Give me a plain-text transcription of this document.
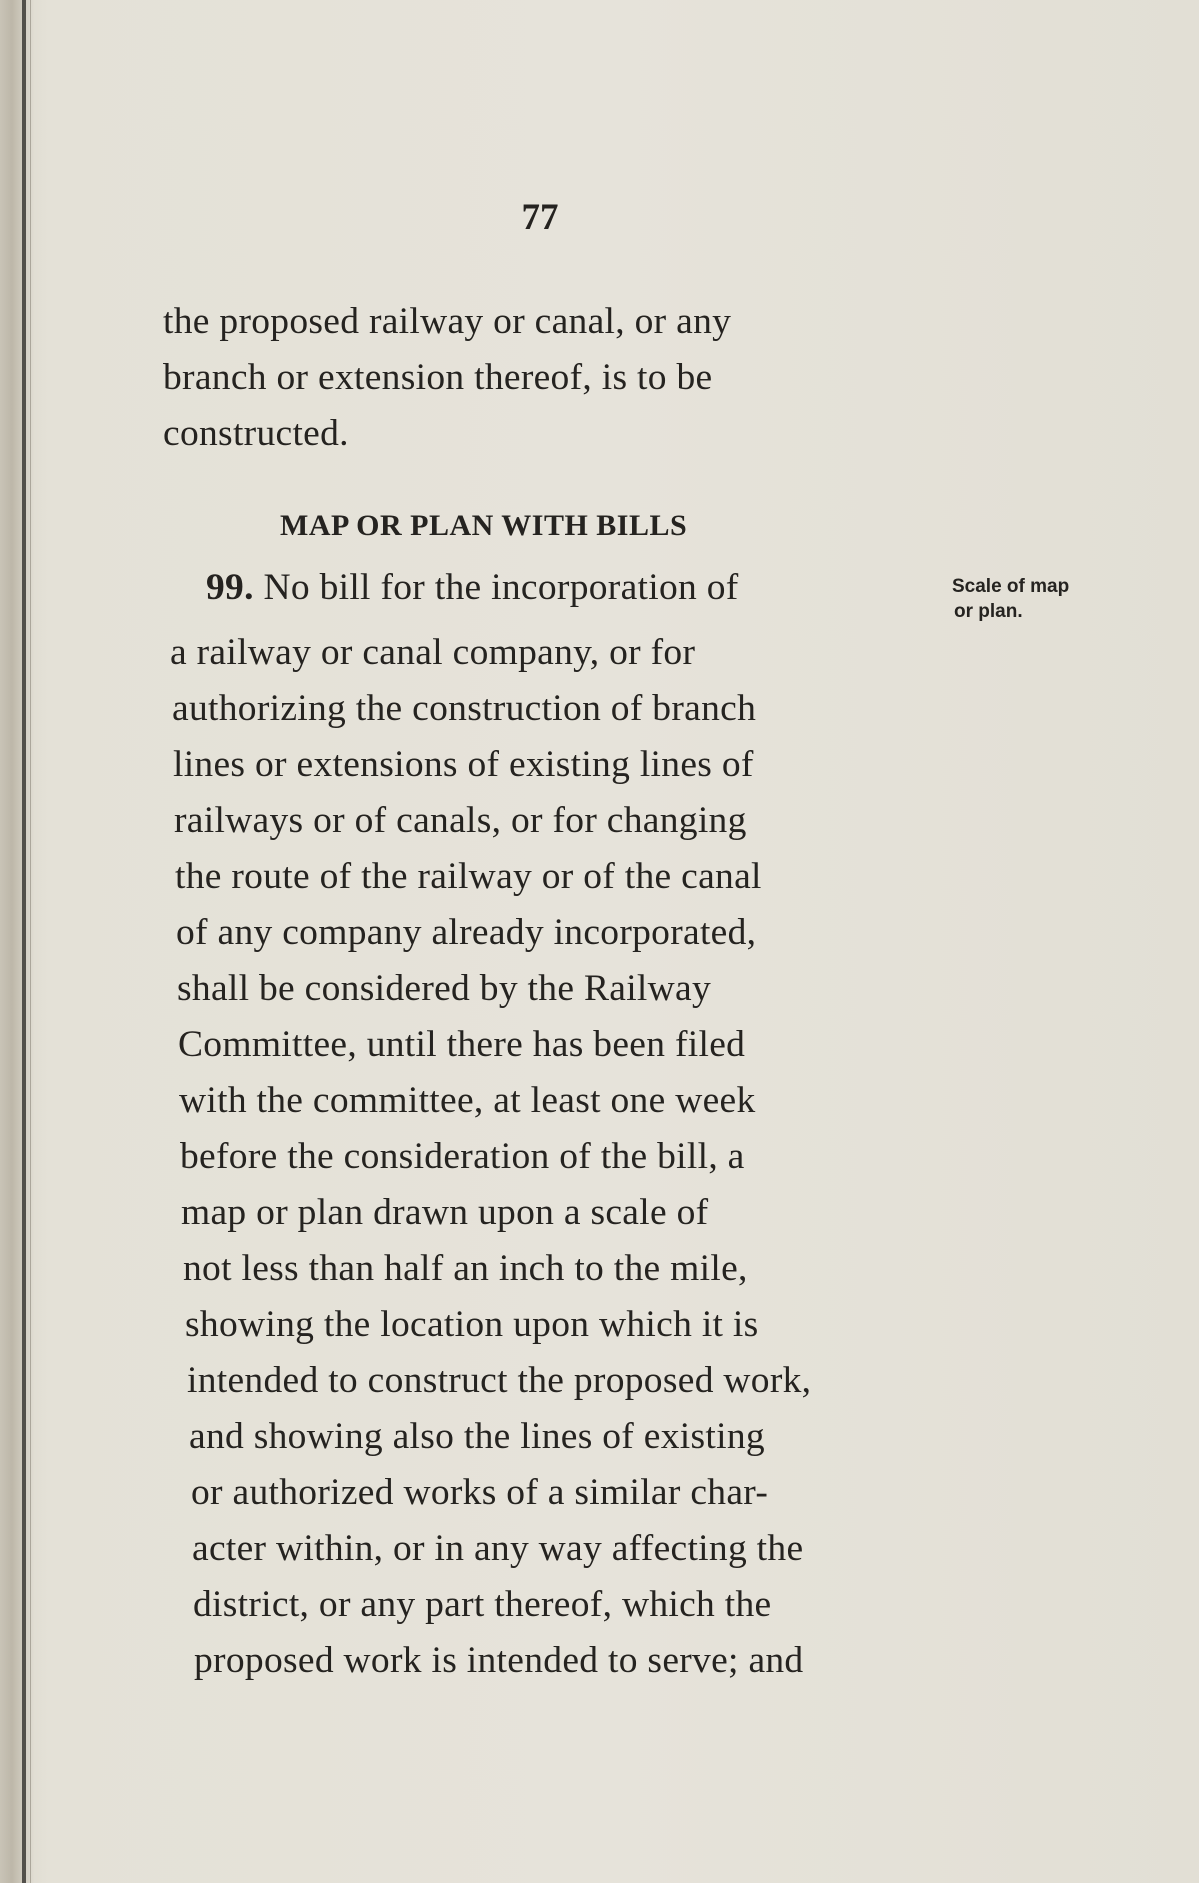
77
the proposed railway or canal, or any
branch or extension thereof, is to be
constructed.
MAP OR PLAN WITH BILLS
99. No bill for the incorporation of	Scale of map
or plan.
a railway or canal company, or for
authorizing the construction of branch
lines or extensions of existing lines of
railways or of canals, or for changing
the route of the railway or of the canal
of any company already incorporated,
shall be considered by the Railway
Committee, until there has been filed
with the committee, at least one week
before the consideration of the bill, a
map or plan drawn upon a scale of
not less than half an inch to the mile,
showing the location upon which it is
intended to construct the proposed work,
and showing also the lines of existing
or authorized works of a similar char-
acter within, or in any way affecting the
district, or any part thereof, which the
proposed work is intended to serve; and
